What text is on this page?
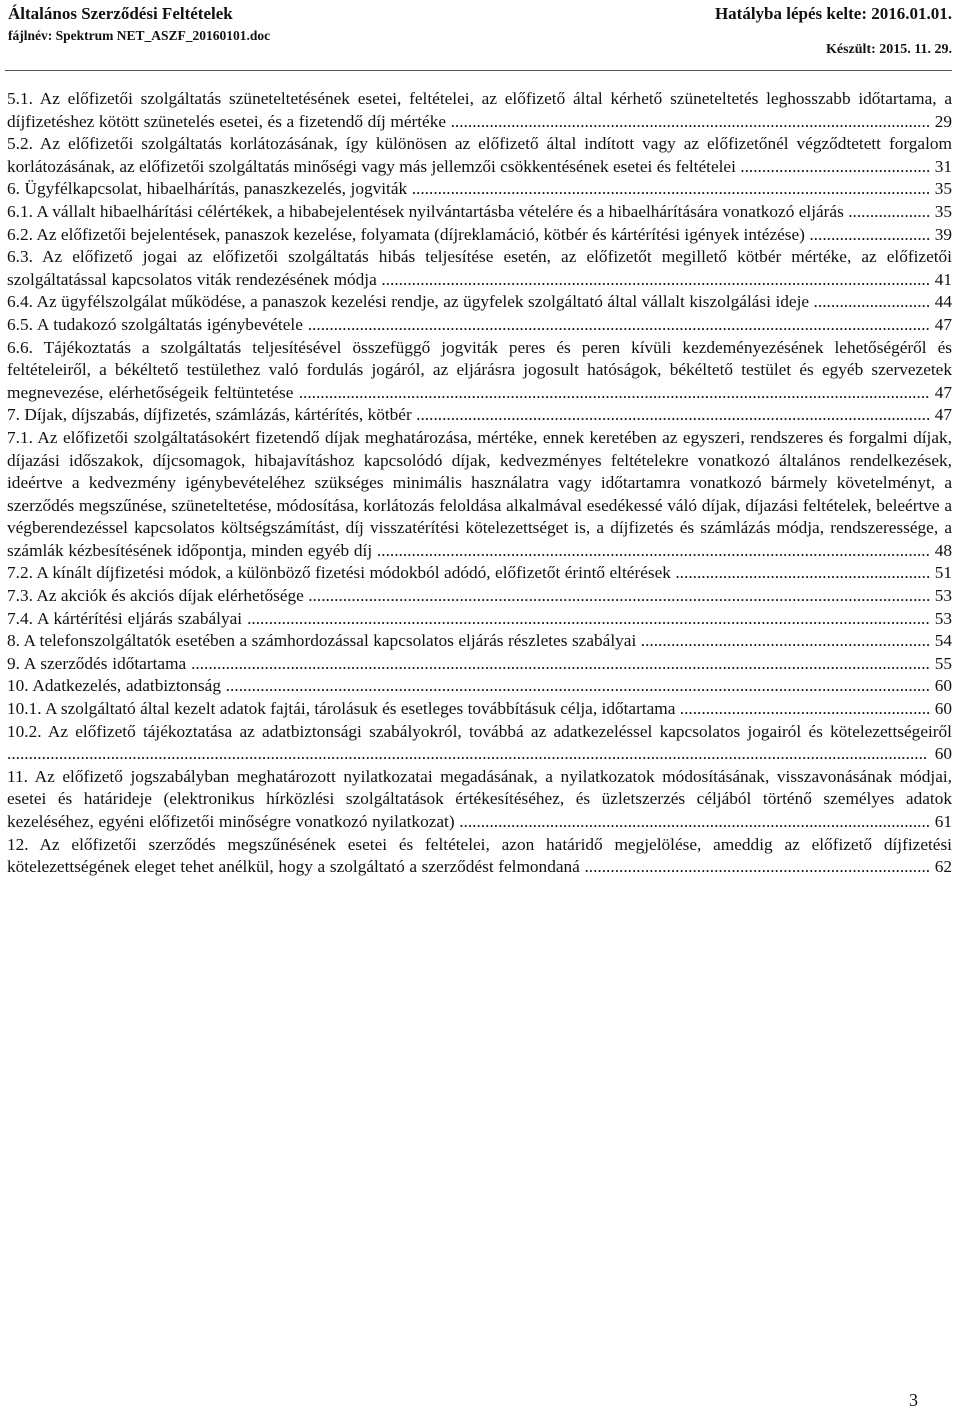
Általános Szerződési Feltételek
fájlnév: Spektrum NET_ASZF_20160101.doc
Hatályba lépés kelte: 2016.01.01.
Készült: 2015. 11. 29.
5.1. Az előfizetői szolgáltatás szüneteltetésének esetei, feltételei, az előfizető által kérhető szüneteltetés leghosszabb időtartama, a díjfizetéshez kötött szünetelés esetei, és a fizetendő díj mértéke ............................................................................................................... 29
5.2. Az előfizetői szolgáltatás korlátozásának, így különösen az előfizető által indított vagy az előfizetőnél végződtetett forgalom korlátozásának, az előfizetői szolgáltatás minőségi vagy más jellemzői csökkentésének esetei és feltételei ............................................ 31
6. Ügyfélkapcsolat, hibaelhárítás, panaszkezelés, jogviták ........................................................................................................................ 35
6.1. A vállalt hibaelhárítási célértékek, a hibabejelentések nyilvántartásba vételére és a hibaelhárítására vonatkozó eljárás ................... 35
6.2. Az előfizetői bejelentések, panaszok kezelése, folyamata (díjreklamáció, kötbér és kártérítési igények intézése) ............................ 39
6.3. Az előfizető jogai az előfizetői szolgáltatás hibás teljesítése esetén, az előfizetőt megillető kötbér mértéke, az előfizetői szolgáltatással kapcsolatos viták rendezésének módja ............................................................................................................................... 41
6.4. Az ügyfélszolgálat működése, a panaszok kezelési rendje, az ügyfelek szolgáltató által vállalt kiszolgálási ideje ........................... 44
6.5. A tudakozó szolgáltatás igénybevétele ................................................................................................................................................ 47
6.6. Tájékoztatás a szolgáltatás teljesítésével összefüggő jogviták peres és peren kívüli kezdeményezésének lehetőségéről és feltételeiről, a békéltető testülethez való fordulás jogáról, az eljárásra jogosult hatóságok, békéltető testület és egyéb szervezetek megnevezése, elérhetőségeik feltüntetése .................................................................................................................................................. 47
7. Díjak, díjszabás, díjfizetés, számlázás, kártérítés, kötbér ....................................................................................................................... 47
7.1. Az előfizetői szolgáltatásokért fizetendő díjak meghatározása, mértéke, ennek keretében az egyszeri, rendszeres és forgalmi díjak, díjazási időszakok, díjcsomagok, hibajavításhoz kapcsolódó díjak, kedvezményes feltételekre vonatkozó általános rendelkezések, ideértve a kedvezmény igénybevételéhez szükséges minimális használatra vagy időtartamra vonatkozó bármely követelményt, a szerződés megszűnése, szüneteltetése, módosítása, korlátozás feloldása alkalmával esedékessé váló díjak, díjazási feltételek, beleértve a végberendezéssel kapcsolatos költségszámítást, díj visszatérítési kötelezettséget is, a díjfizetés és számlázás módja, rendszeressége, a számlák kézbesítésének időpontja, minden egyéb díj ................................................................................................................................ 48
7.2. A kínált díjfizetési módok, a különböző fizetési módokból adódó, előfizetőt érintő eltérések ........................................................... 51
7.3. Az akciók és akciós díjak elérhetősége ................................................................................................................................................ 53
7.4. A kártérítési eljárás szabályai .............................................................................................................................................................. 53
8. A telefonszolgáltatók esetében a számhordozással kapcsolatos eljárás részletes szabályai ................................................................... 54
9. A szerződés időtartama ........................................................................................................................................................................... 55
10. Adatkezelés, adatbiztonság ................................................................................................................................................................... 60
10.1. A szolgáltató által kezelt adatok fajtái, tárolásuk és esetleges továbbításuk célja, időtartama .......................................................... 60
10.2. Az előfizető tájékoztatása az adatbiztonsági szabályokról, továbbá az adatkezeléssel kapcsolatos jogairól és kötelezettségeiről ..................................................................................................................................................................................................................... 60
11. Az előfizető jogszabályban meghatározott nyilatkozatai megadásának, a nyilatkozatok módosításának, visszavonásának módjai, esetei és határideje (elektronikus hírközlési szolgáltatások értékesítéséhez, és üzletszerzés céljából történő személyes adatok kezeléséhez, egyéni előfizetői minőségre vonatkozó nyilatkozat) ............................................................................................................. 61
12. Az előfizetői szerződés megszűnésének esetei és feltételei, azon határidő megjelölése, ameddig az előfizető díjfizetési kötelezettségének eleget tehet anélkül, hogy a szolgáltató a szerződést felmondaná ................................................................................ 62
3
